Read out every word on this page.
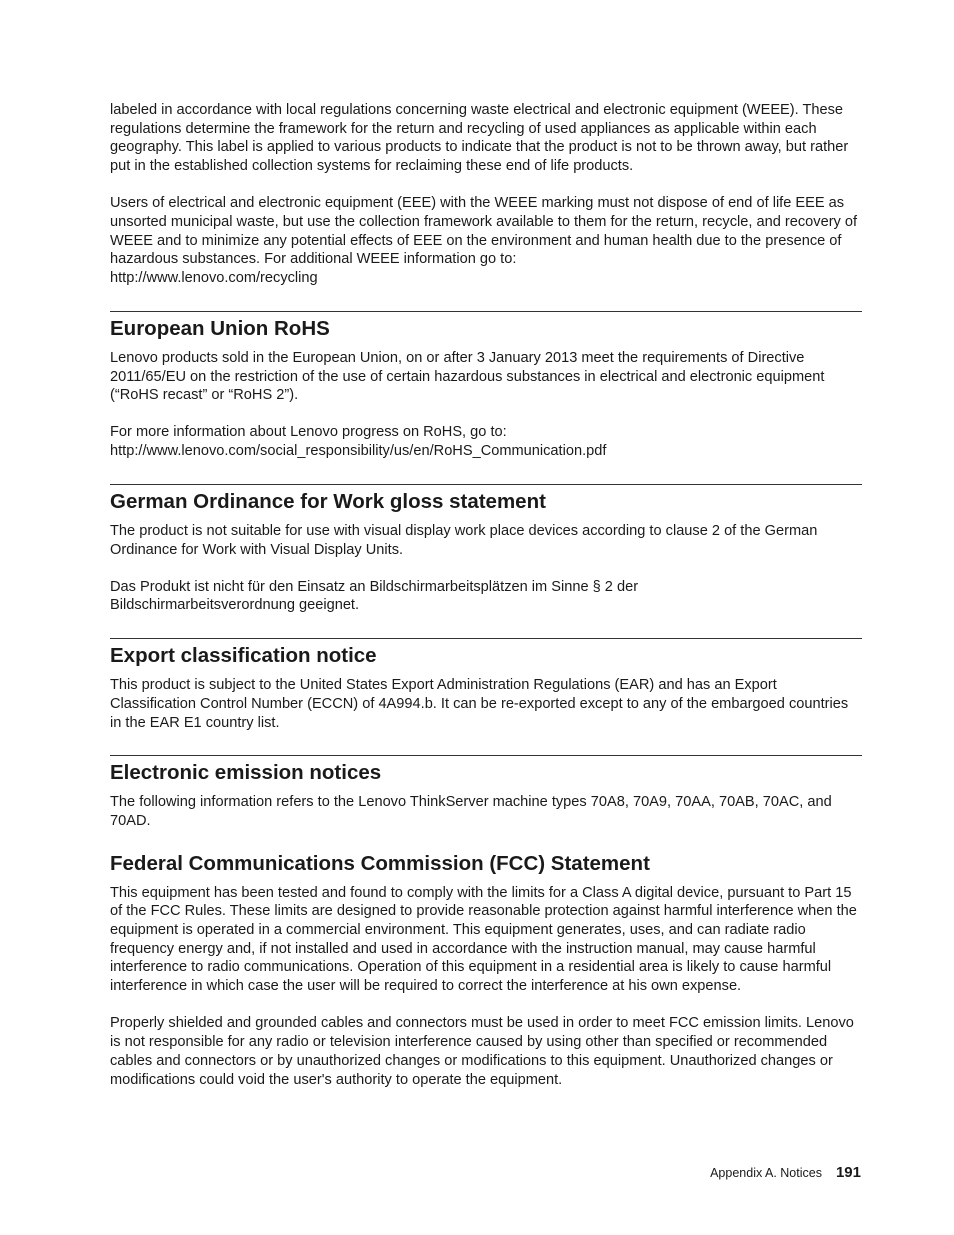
labeled in accordance with local regulations concerning waste electrical and electronic equipment (WEEE). These regulations determine the framework for the return and recycling of used appliances as applicable within each geography. This label is applied to various products to indicate that the product is not to be thrown away, but rather put in the established collection systems for reclaiming these end of life products.

Users of electrical and electronic equipment (EEE) with the WEEE marking must not dispose of end of life EEE as unsorted municipal waste, but use the collection framework available to them for the return, recycle, and recovery of WEEE and to minimize any potential effects of EEE on the environment and human health due to the presence of hazardous substances. For additional WEEE information go to:
http://www.lenovo.com/recycling

European Union RoHS

Lenovo products sold in the European Union, on or after 3 January 2013 meet the requirements of Directive 2011/65/EU on the restriction of the use of certain hazardous substances in electrical and electronic equipment (“RoHS recast” or “RoHS 2”).

For more information about Lenovo progress on RoHS, go to:
http://www.lenovo.com/social_responsibility/us/en/RoHS_Communication.pdf

German Ordinance for Work gloss statement

The product is not suitable for use with visual display work place devices according to clause 2 of the German Ordinance for Work with Visual Display Units.

Das Produkt ist nicht für den Einsatz an Bildschirmarbeitsplätzen im Sinne § 2 der
Bildschirmarbeitsverordnung geeignet.

Export classification notice

This product is subject to the United States Export Administration Regulations (EAR) and has an Export Classification Control Number (ECCN) of 4A994.b. It can be re-exported except to any of the embargoed countries in the EAR E1 country list.

Electronic emission notices

The following information refers to the Lenovo ThinkServer machine types 70A8, 70A9, 70AA, 70AB, 70AC, and 70AD.

Federal Communications Commission (FCC) Statement

This equipment has been tested and found to comply with the limits for a Class A digital device, pursuant to Part 15 of the FCC Rules. These limits are designed to provide reasonable protection against harmful interference when the equipment is operated in a commercial environment. This equipment generates, uses, and can radiate radio frequency energy and, if not installed and used in accordance with the instruction manual, may cause harmful interference to radio communications. Operation of this equipment in a residential area is likely to cause harmful interference in which case the user will be required to correct the interference at his own expense.

Properly shielded and grounded cables and connectors must be used in order to meet FCC emission limits. Lenovo is not responsible for any radio or television interference caused by using other than specified or recommended cables and connectors or by unauthorized changes or modifications to this equipment. Unauthorized changes or modifications could void the user's authority to operate the equipment.

Appendix A. Notices 191
